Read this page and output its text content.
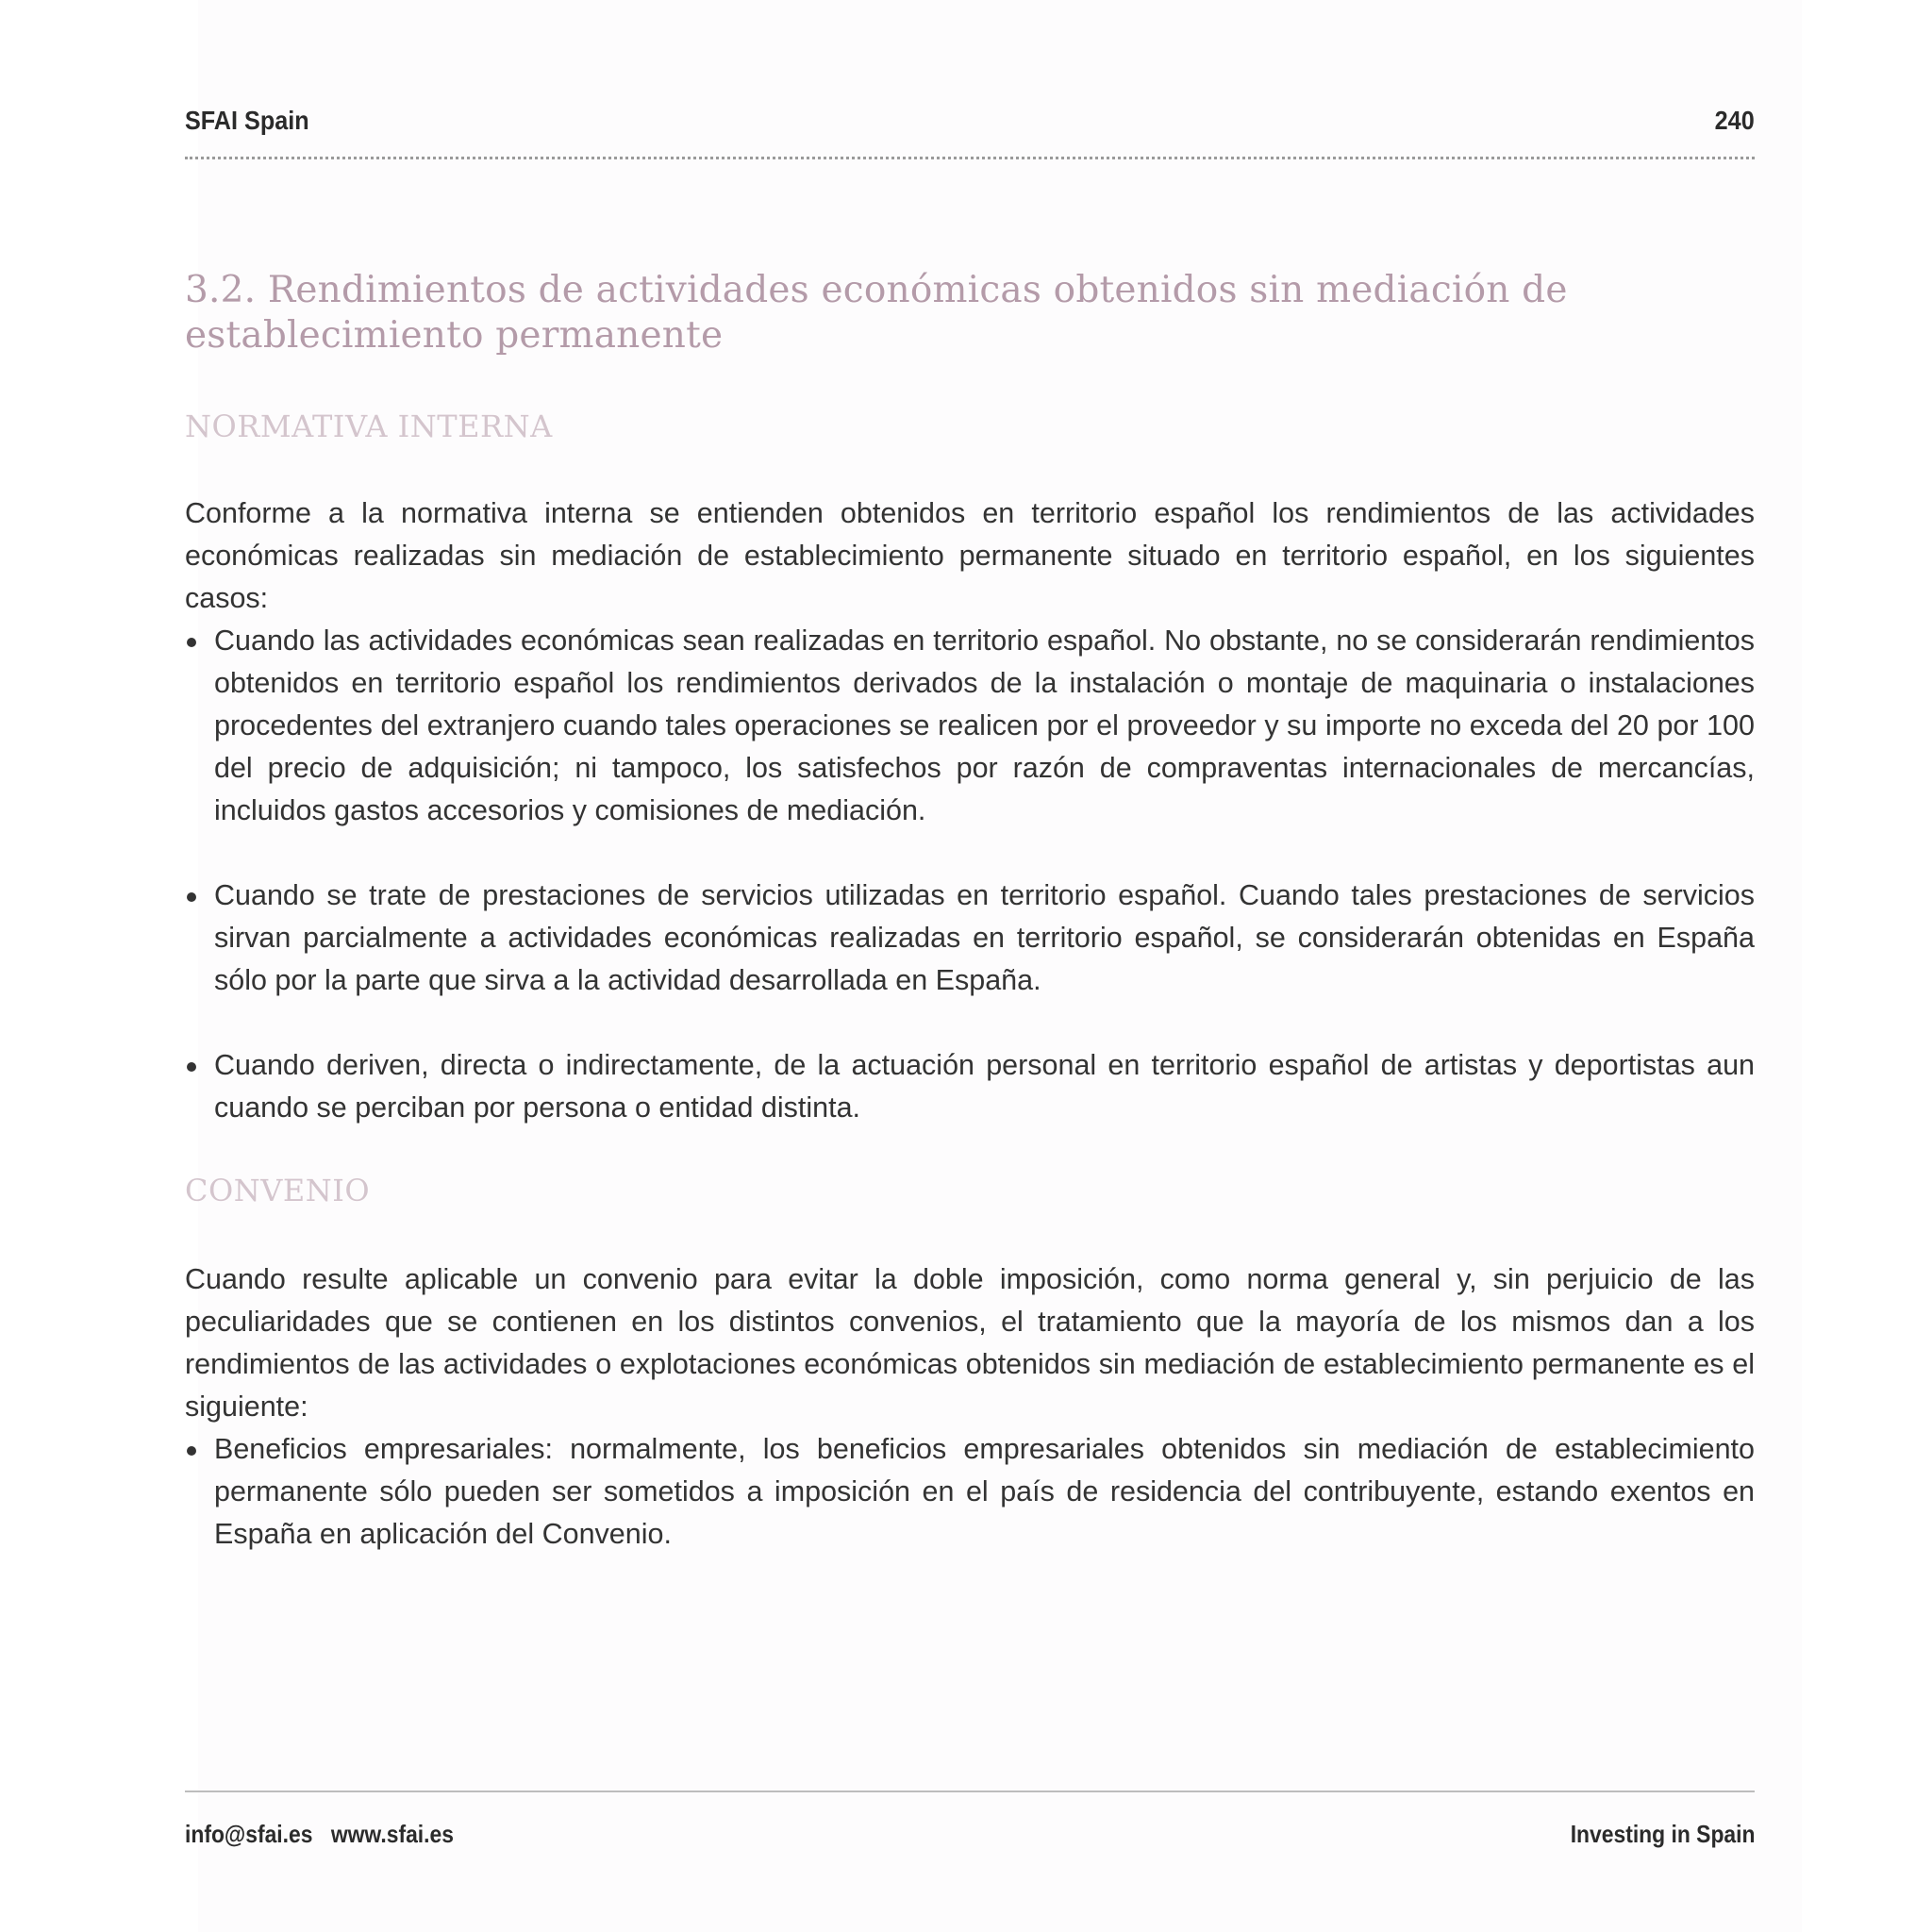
SFAI Spain	240
3.2. Rendimientos de actividades económicas obtenidos sin mediación de establecimiento permanente
NORMATIVA INTERNA

Conforme a la normativa interna se entienden obtenidos en territorio español los rendimientos de las actividades económicas realizadas sin mediación de establecimiento permanente situado en territorio español, en los siguientes casos:

Cuando las actividades económicas sean realizadas en territorio español. No obstante, no se considerarán rendimientos obtenidos en territorio español los rendimientos derivados de la instalación o montaje de maquinaria o instalaciones procedentes del extranjero cuando tales operaciones se realicen por el proveedor y su importe no exceda del 20 por 100 del precio de adquisición; ni tampoco, los satisfechos por razón de compraventas internacionales de mercancías, incluidos gastos accesorios y comisiones de mediación.
Cuando se trate de prestaciones de servicios utilizadas en territorio español. Cuando tales prestaciones de servicios sirvan parcialmente a actividades económicas realizadas en territorio español, se considerarán obtenidas en España sólo por la parte que sirva a la actividad desarrollada en España.
Cuando deriven, directa o indirectamente, de la actuación personal en territorio español de artistas y deportistas aun cuando se perciban por persona o entidad distinta.
CONVENIO

Cuando resulte aplicable un convenio para evitar la doble imposición, como norma general y, sin perjuicio de las peculiaridades que se contienen en los distintos convenios, el tratamiento que la mayoría de los mismos dan a los rendimientos de las actividades o explotaciones económicas obtenidos sin mediación de establecimiento permanente es el siguiente:

Beneficios empresariales: normalmente, los beneficios empresariales obtenidos sin mediación de establecimiento permanente sólo pueden ser sometidos a imposición en el país de residencia del contribuyente, estando exentos en España en aplicación del Convenio.
info@sfai.es www.sfai.es	Investing in Spain
